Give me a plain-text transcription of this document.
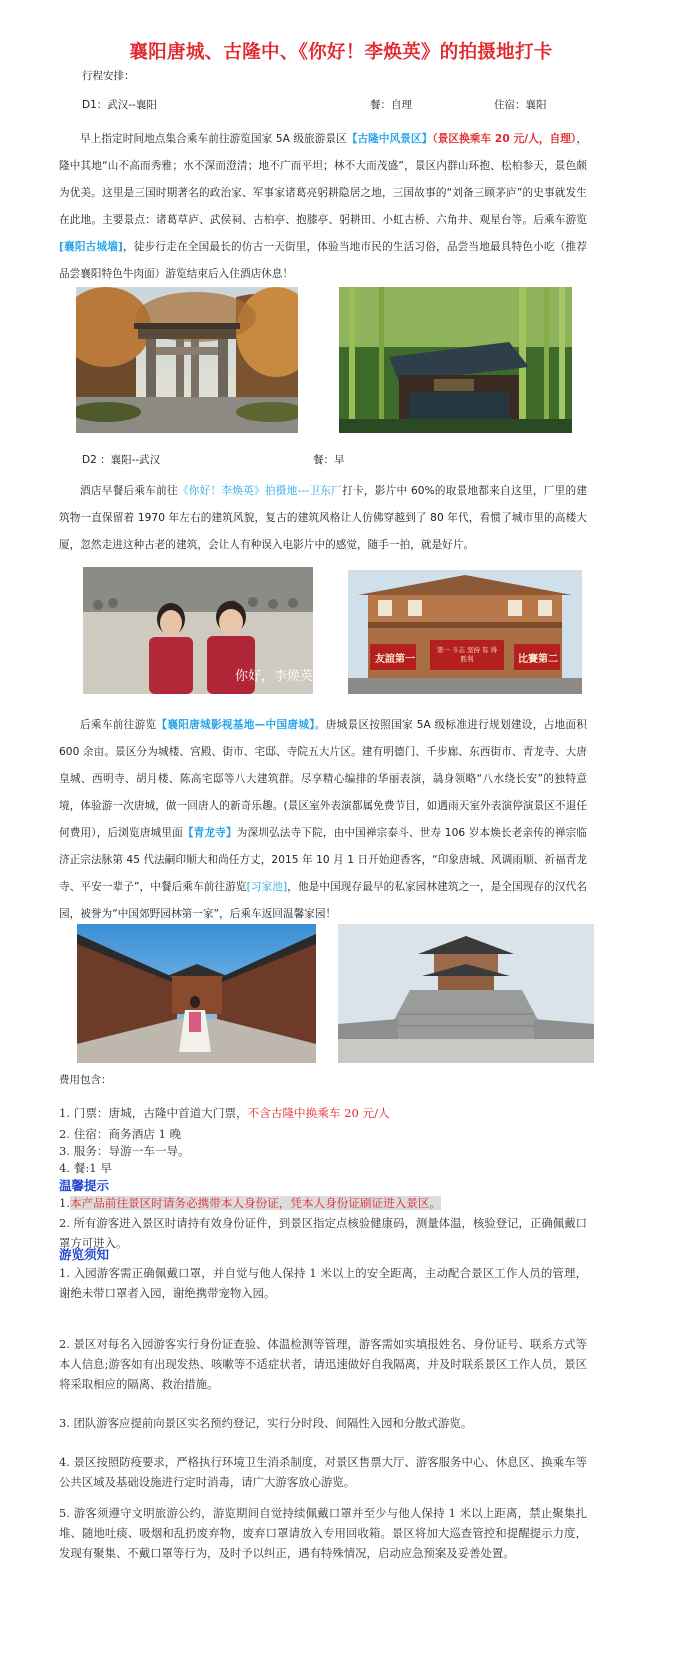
襄阳唐城、古隆中、《你好！李焕英》的拍摄地打卡
行程安排：
D1：武汉--襄阳	餐：自理	住宿：襄阳
早上指定时间地点集合乘车前往游览国家 5A 级旅游景区【古隆中风景区】（景区换乘车 20 元/人，自理），隆中其地“山不高而秀雅；水不深而澄清；地不广而平坦；林不大而茂盛”，景区内群山环抱、松柏参天，景色颇为优美。这里是三国时期著名的政治家、军事家诸葛亮躬耕隐居之地，三国故事的“刘备三顾茅庐”的史事就发生在此地。主要景点：诸葛草庐、武侯祠、古柏亭、抱膝亭、躬耕田、小虹古桥、六角井、观星台等。后乘车游览[襄阳古城墙]，徒步行走在全国最长的仿古一天街里，体验当地市民的生活习俗，品尝当地最具特色小吃（推荐品尝襄阳特色牛肉面）游览结束后入住酒店休息！
D2 ：襄阳--武汉	餐：早
酒店早餐后乘车前往《你好！李焕英》拍摄地---卫东厂打卡，影片中 60%的取景地都来自这里，厂里的建筑物一直保留着 1970 年左右的建筑风貌，复古的建筑风格让人仿佛穿越到了 80 年代，看惯了城市里的高楼大厦，忽然走进这种古老的建筑，会让人有种误入电影片中的感觉，随手一拍，就是好片。
你好，李焕英
友誼第一
第一 斗志 坚持 有 得胜利	比賽第二
后乘车前往游览【襄阳唐城影视基地—中国唐城】。唐城景区按照国家 5A 级标准进行规划建设，占地面积 600 余亩。景区分为城楼、宫殿、街市、宅邸、寺院五大片区。建有明德门、千步廊、东西街市、青龙寺、大唐皇城、西明寺、胡月楼、陈高宅邸等八大建筑群。尽享精心编排的华丽表演，骉身领略“八水绕长安”的独特意境，体验游一次唐城，做一回唐人的新奇乐趣。(景区室外表演都属免费节目，如遇雨天室外表演停演景区不退任何费用），后浏览唐城里面【青龙寺】为深圳弘法寺下院，由中国禅宗泰斗、世寿 106 岁本焕长老亲传的禅宗临济正宗法脉第 45 代法嗣印顺大和尚任方丈，2015 年 10 月 1 日开始迎香客，“印象唐城、风调雨顺、祈福青龙寺、平安一辈子”，中餐后乘车前往游览[习家池]，他是中国现存最早的私家园林建筑之一，是全国现存的汉代名园，被誉为“中国郊野园林第一家”，后乘车返回温馨家园！
费用包含：
1. 门票：唐城，古隆中首道大门票，不含古隆中换乘车 20 元/人
2. 住宿：商务酒店 1 晚
3. 服务：导游一车一导。
4. 餐:1 早
温馨提示
1.本产品前往景区时请务必携带本人身份证，凭本人身份证刷证进入景区。
2. 所有游客进入景区时请持有效身份证件，到景区指定点核验健康码，测量体温，核验登记，正确佩戴口罩方可进入。
游览须知
1. 入园游客需正确佩戴口罩，并自觉与他人保持 1 米以上的安全距离，主动配合景区工作人员的管理，谢绝未带口罩者入园，谢绝携带宠物入园。
2. 景区对每名入园游客实行身份证查验、体温检测等管理，游客需如实填报姓名、身份证号、联系方式等本人信息;游客如有出现发热、咳嗽等不适症状者，请迅速做好自我隔离，并及时联系景区工作人员，景区将采取相应的隔离、救治措施。
3. 团队游客应提前向景区实名预约登记，实行分时段、间隔性入园和分散式游览。
4. 景区按照防疫要求，严格执行环境卫生消杀制度，对景区售票大厅、游客服务中心、休息区、换乘车等公共区域及基础设施进行定时消毒，请广大游客放心游览。
5. 游客须遵守文明旅游公约，游览期间自觉持续佩戴口罩并至少与他人保持 1 米以上距离，禁止聚集扎堆、随地吐痰、吸烟和乱扔废弃物，废弃口罩请放入专用回收箱。景区将加大巡查管控和提醒提示力度，发现有聚集、不戴口罩等行为，及时予以纠正，遇有特殊情况，启动应急预案及妥善处置。
